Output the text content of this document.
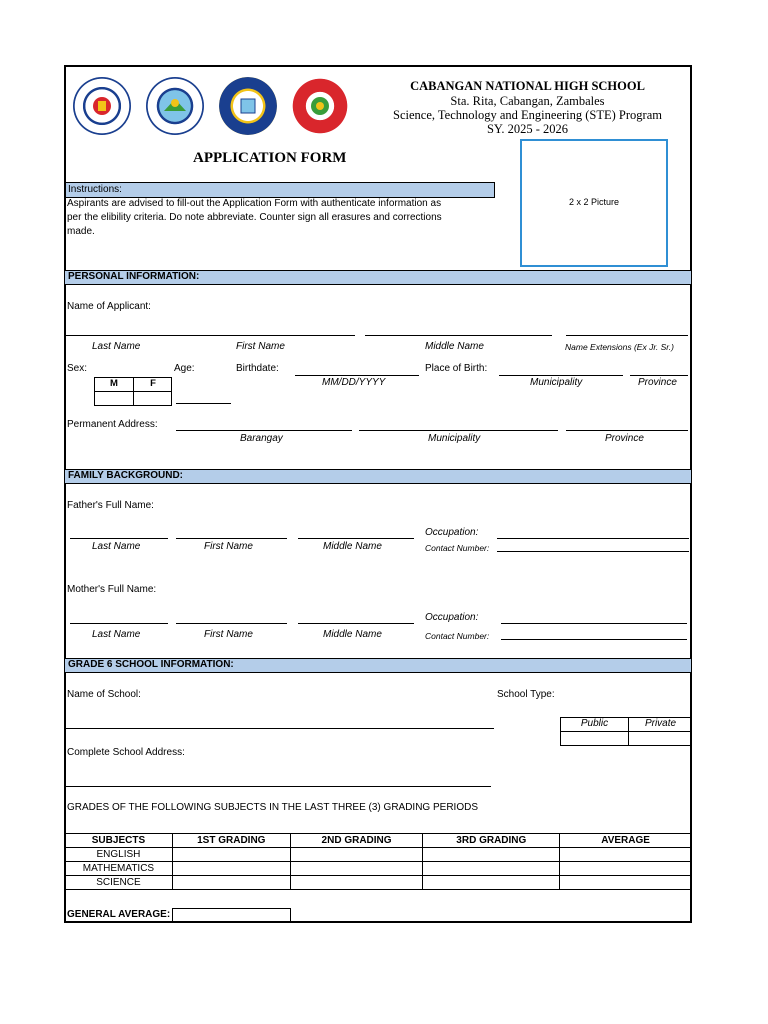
CABANGAN NATIONAL HIGH SCHOOL
Sta. Rita, Cabangan, Zambales
Science, Technology and Engineering (STE) Program
SY. 2025 - 2026
APPLICATION FORM
2 x 2 Picture
Instructions:
Aspirants are advised to fill-out the Application Form with authenticate information as
per the elibility criteria. Do note abbreviate. Counter sign all erasures and corrections
made.
PERSONAL INFORMATION:
Name of Applicant:
Last Name	First Name	Middle Name	Name Extensions (Ex Jr. Sr.)
Sex:
M	F
Age:	Birthdate:
MM/DD/YYYY
Place of Birth:
Municipality	Province
Permanent Address:
Barangay	Municipality	Province
FAMILY BACKGROUND:
Father's Full Name:
Occupation:
Last Name	First Name	Middle Name	Contact Number:
Mother's Full Name:
Occupation:
Last Name	First Name	Middle Name	Contact Number:
GRADE 6 SCHOOL INFORMATION:
Name of School:	School Type:
Public	Private
Complete School Address:
GRADES OF THE FOLLOWING SUBJECTS IN THE LAST THREE (3) GRADING PERIODS
SUBJECTS	1ST GRADING	2ND GRADING	3RD GRADING	AVERAGE
ENGLISH				
MATHEMATICS				
SCIENCE				
GENERAL AVERAGE:
